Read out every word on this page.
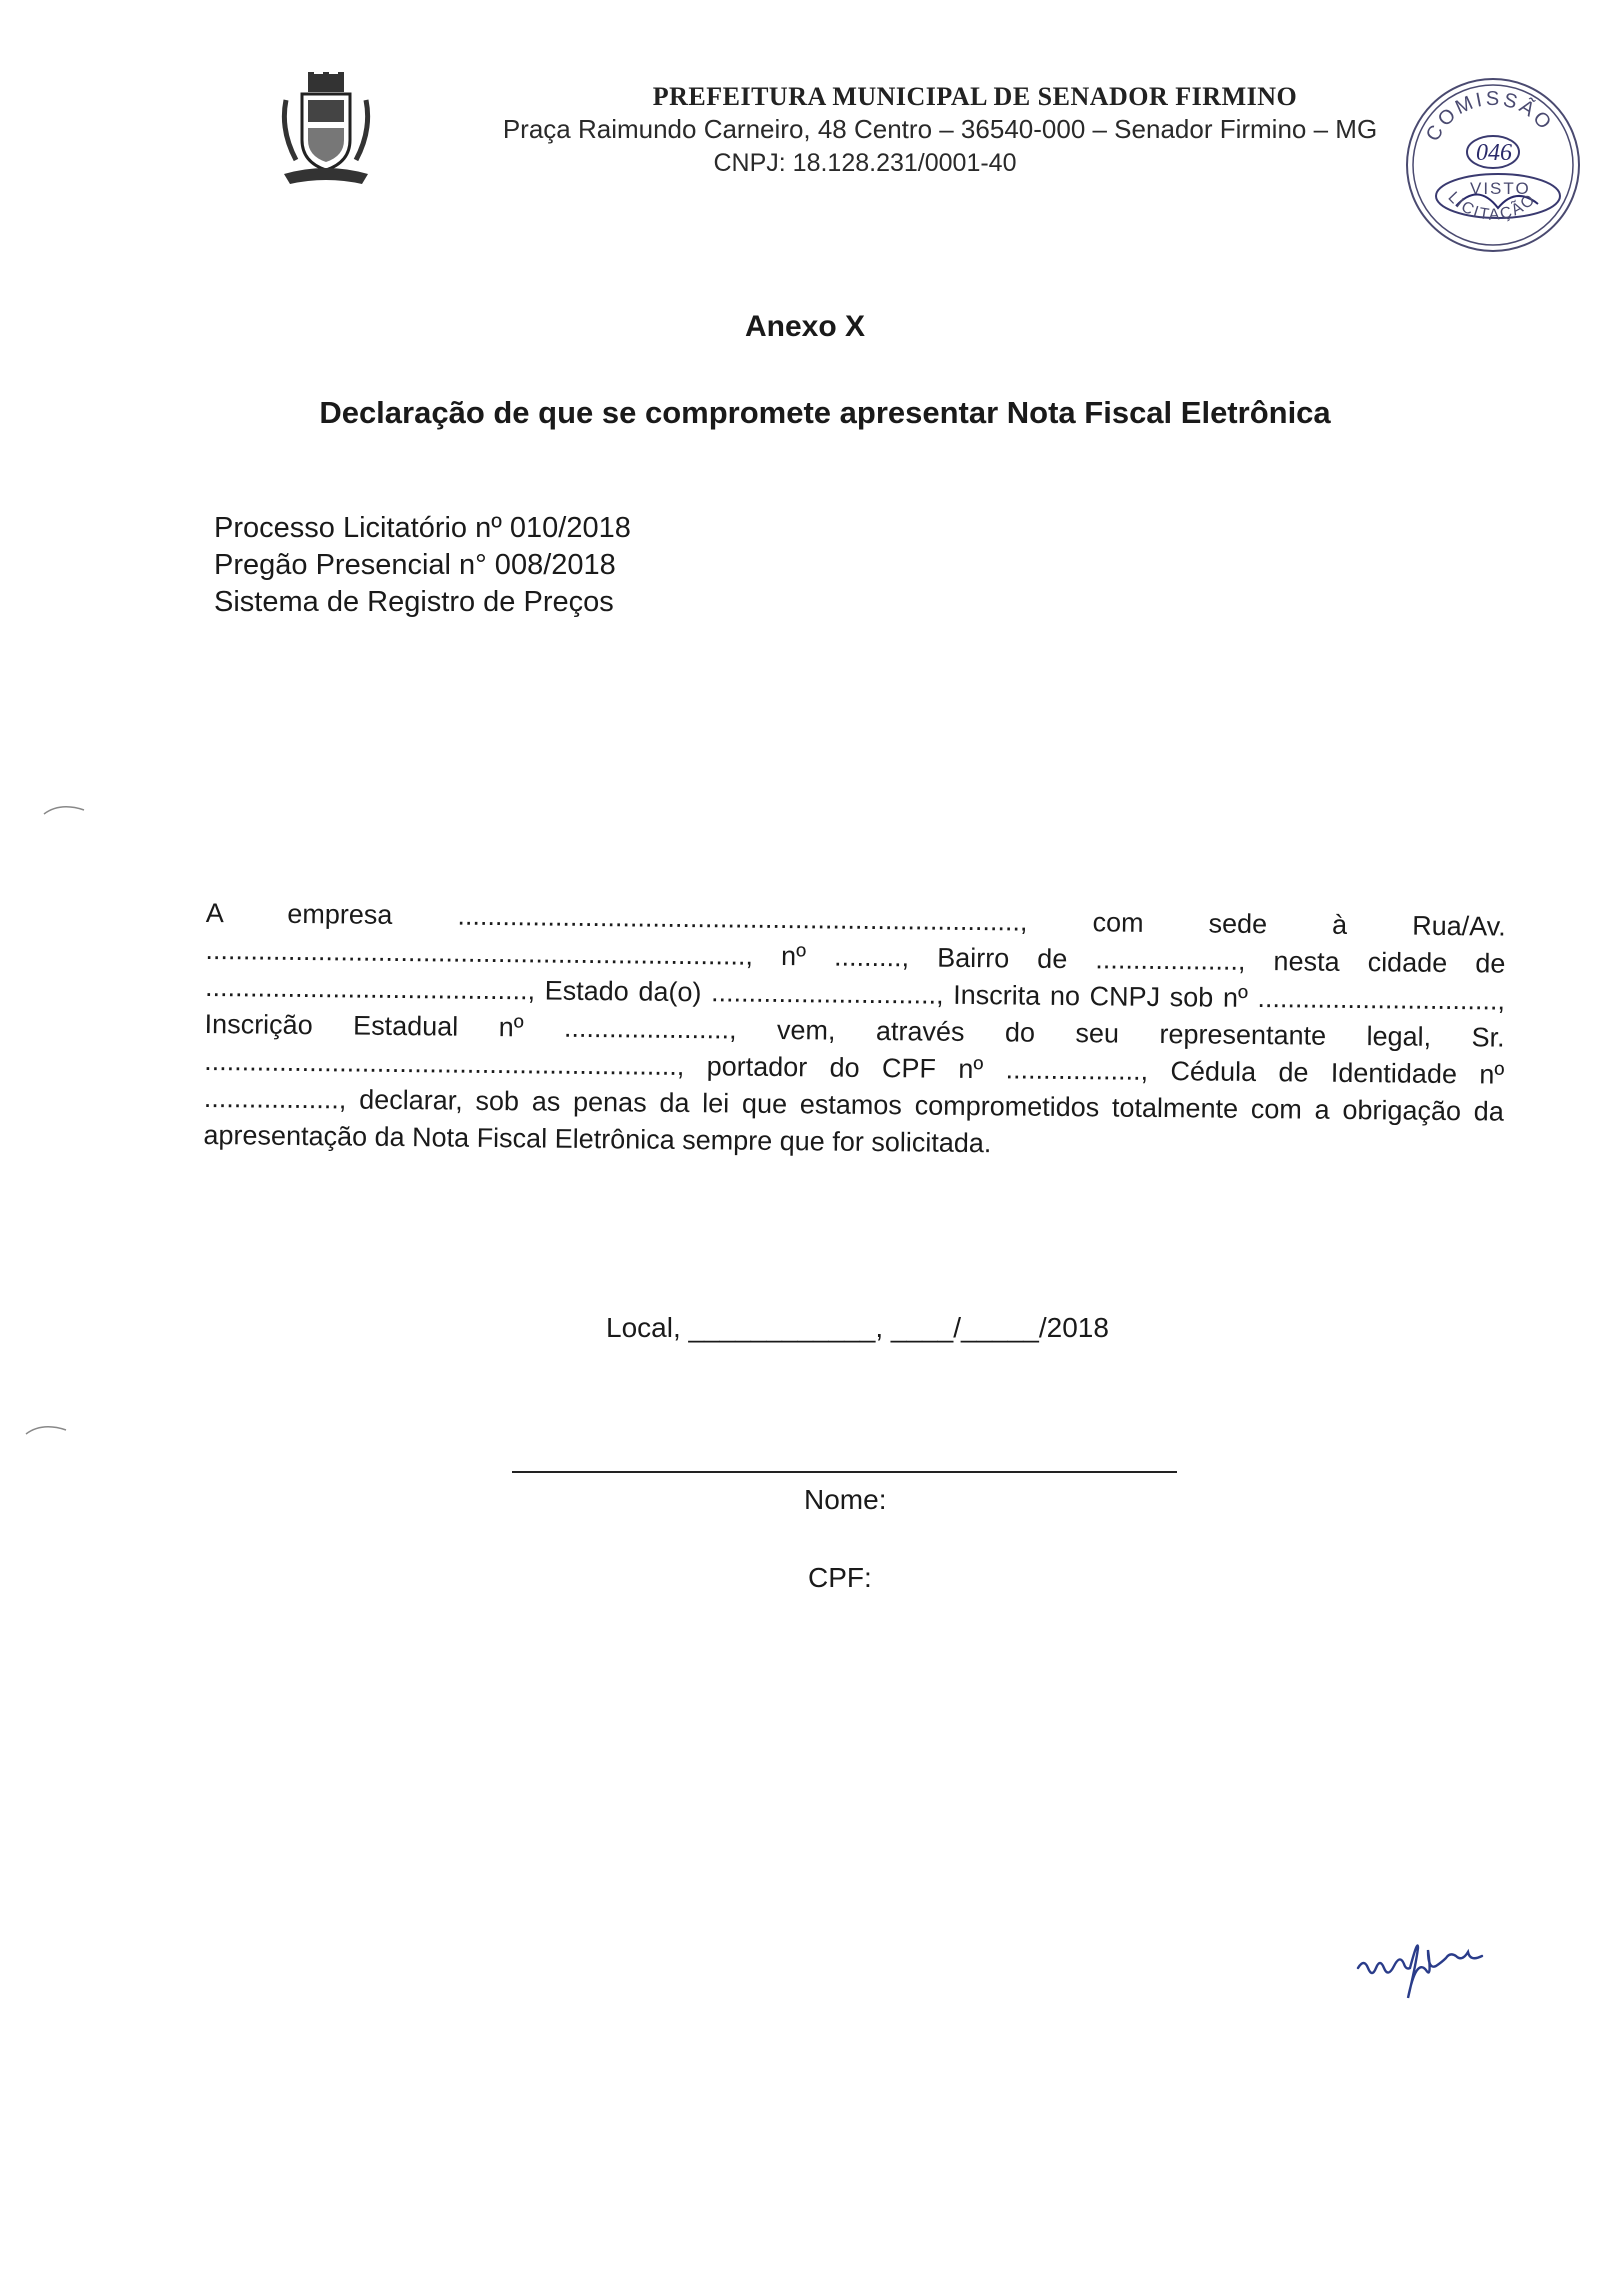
PREFEITURA MUNICIPAL DE SENADOR FIRMINO
Praça Raimundo Carneiro, 48 Centro – 36540-000 – Senador Firmino – MG
CNPJ: 18.128.231/0001-40
COMISSÃO
046
VISTO
LICITAÇÃO
Anexo X
Declaração de que se compromete apresentar Nota Fiscal Eletrônica
Processo Licitatório nº 010/2018
Pregão Presencial n° 008/2018
Sistema de Registro de Preços
A empresa ..........................................................................., com sede à Rua/Av. ........................................................................, nº ........., Bairro de ..................., nesta cidade de ..........................................., Estado da(o) .............................., Inscrita no CNPJ sob nº ................................, Inscrição Estadual nº ......................, vem, através do seu representante legal, Sr. ..............................................................., portador do CPF nº .................., Cédula de Identidade nº .................., declarar, sob as penas da lei que estamos comprometidos totalmente com a obrigação da apresentação da Nota Fiscal Eletrônica sempre que for solicitada.
Local, ____________, ____/_____/2018
Nome:
CPF:
